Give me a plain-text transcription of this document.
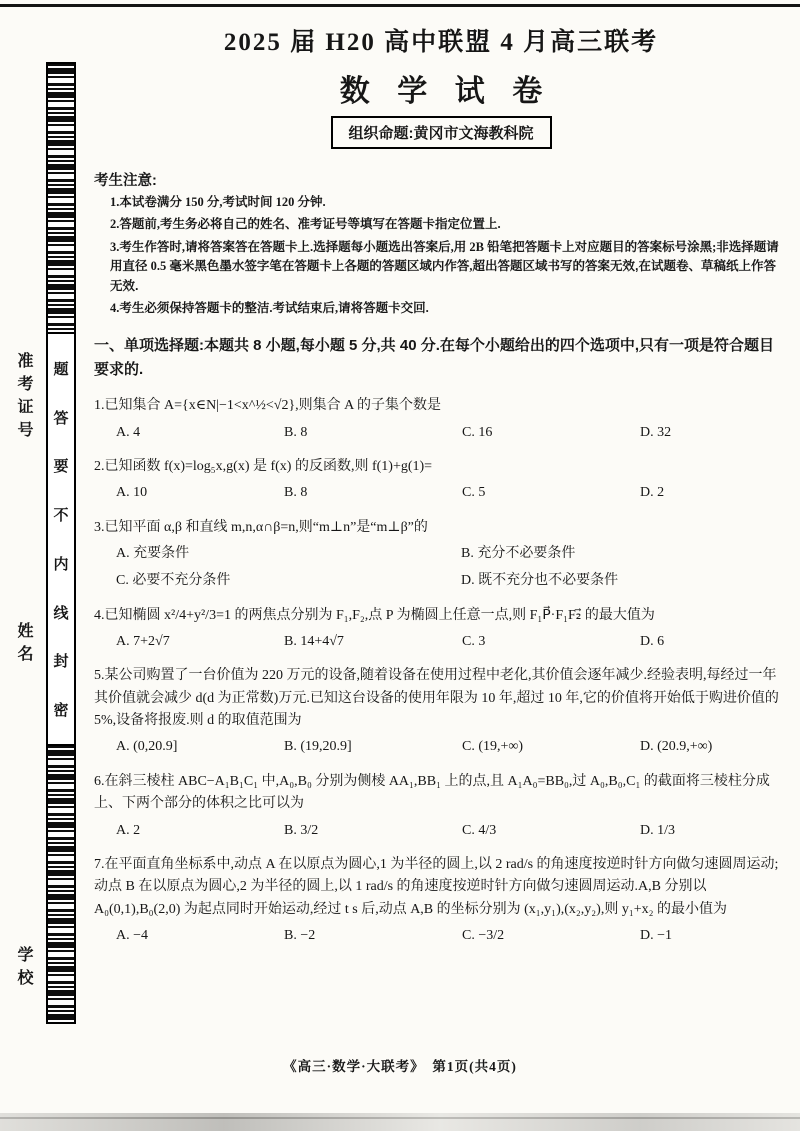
准考证号
姓名
学校
题
答
要
不
内
线
封
密
2025 届 H20 高中联盟 4 月高三联考
数 学 试 卷
组织命题:黄冈市文海教科院
考生注意:

1.本试卷满分 150 分,考试时间 120 分钟.

2.答题前,考生务必将自己的姓名、准考证号等填写在答题卡指定位置上.

3.考生作答时,请将答案答在答题卡上.选择题每小题选出答案后,用 2B 铅笔把答题卡上对应题目的答案标号涂黑;非选择题请用直径 0.5 毫米黑色墨水签字笔在答题卡上各题的答题区域内作答,超出答题区域书写的答案无效,在试题卷、草稿纸上作答无效.

4.考生必须保持答题卡的整洁.考试结束后,请将答题卡交回.

一、单项选择题:本题共 8 小题,每小题 5 分,共 40 分.在每个小题给出的四个选项中,只有一项是符合题目要求的.

1.已知集合 A={x∈N|−1<x^½<√2},则集合 A 的子集个数是

A. 4	B. 8	C. 16	D. 32

2.已知函数 f(x)=log₅x,g(x) 是 f(x) 的反函数,则 f(1)+g(1)=

A. 10	B. 8	C. 5	D. 2

3.已知平面 α,β 和直线 m,n,α∩β=n,则“m⊥n”是“m⊥β”的

A. 充要条件	B. 充分不必要条件
C. 必要不充分条件	D. 既不充分也不必要条件

4.已知椭圆 x²/4+y²/3=1 的两焦点分别为 F₁,F₂,点 P 为椭圆上任意一点,则 F₁P⃗·F₁F₂⃗ 的最大值为

A. 7+2√7	B. 14+4√7	C. 3	D. 6

5.某公司购置了一台价值为 220 万元的设备,随着设备在使用过程中老化,其价值会逐年减少.经验表明,每经过一年其价值就会减少 d(d 为正常数)万元.已知这台设备的使用年限为 10 年,超过 10 年,它的价值将开始低于购进价值的 5%,设备将报废.则 d 的取值范围为

A. (0,20.9]	B. (19,20.9]	C. (19,+∞)	D. (20.9,+∞)

6.在斜三棱柱 ABC−A₁B₁C₁ 中,A₀,B₀ 分别为侧棱 AA₁,BB₁ 上的点,且 A₁A₀=BB₀,过 A₀,B₀,C₁ 的截面将三棱柱分成上、下两个部分的体积之比可以为

A. 2	B. 3/2	C. 4/3	D. 1/3

7.在平面直角坐标系中,动点 A 在以原点为圆心,1 为半径的圆上,以 2 rad/s 的角速度按逆时针方向做匀速圆周运动;动点 B 在以原点为圆心,2 为半径的圆上,以 1 rad/s 的角速度按逆时针方向做匀速圆周运动.A,B 分别以 A₀(0,1),B₀(2,0) 为起点同时开始运动,经过 t s 后,动点 A,B 的坐标分别为 (x₁,y₁),(x₂,y₂),则 y₁+x₂ 的最小值为

A. −4	B. −2	C. −3/2	D. −1
《高三·数学·大联考》　第1页(共4页)
